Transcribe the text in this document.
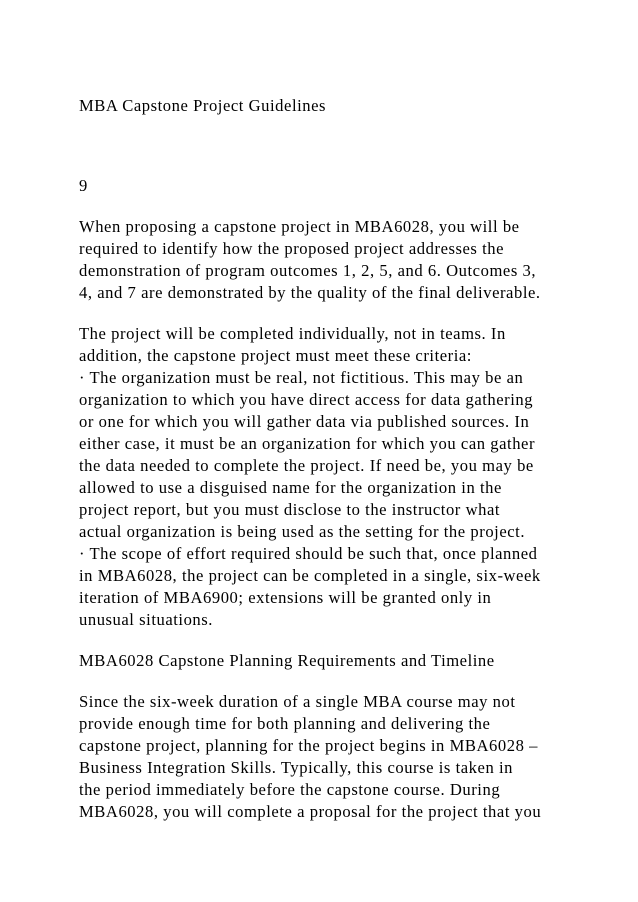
MBA Capstone Project Guidelines
9
When proposing a capstone project in MBA6028, you will be
required to identify how the proposed project addresses the
demonstration of program outcomes 1, 2, 5, and 6. Outcomes 3,
4, and 7 are demonstrated by the quality of the final deliverable.
The project will be completed individually, not in teams. In
addition, the capstone project must meet these criteria:
· The organization must be real, not fictitious. This may be an
organization to which you have direct access for data gathering
or one for which you will gather data via published sources. In
either case, it must be an organization for which you can gather
the data needed to complete the project. If need be, you may be
allowed to use a disguised name for the organization in the
project report, but you must disclose to the instructor what
actual organization is being used as the setting for the project.
· The scope of effort required should be such that, once planned
in MBA6028, the project can be completed in a single, six-week
iteration of MBA6900; extensions will be granted only in
unusual situations.
MBA6028 Capstone Planning Requirements and Timeline
Since the six-week duration of a single MBA course may not
provide enough time for both planning and delivering the
capstone project, planning for the project begins in MBA6028 –
Business Integration Skills. Typically, this course is taken in
the period immediately before the capstone course. During
MBA6028, you will complete a proposal for the project that you
